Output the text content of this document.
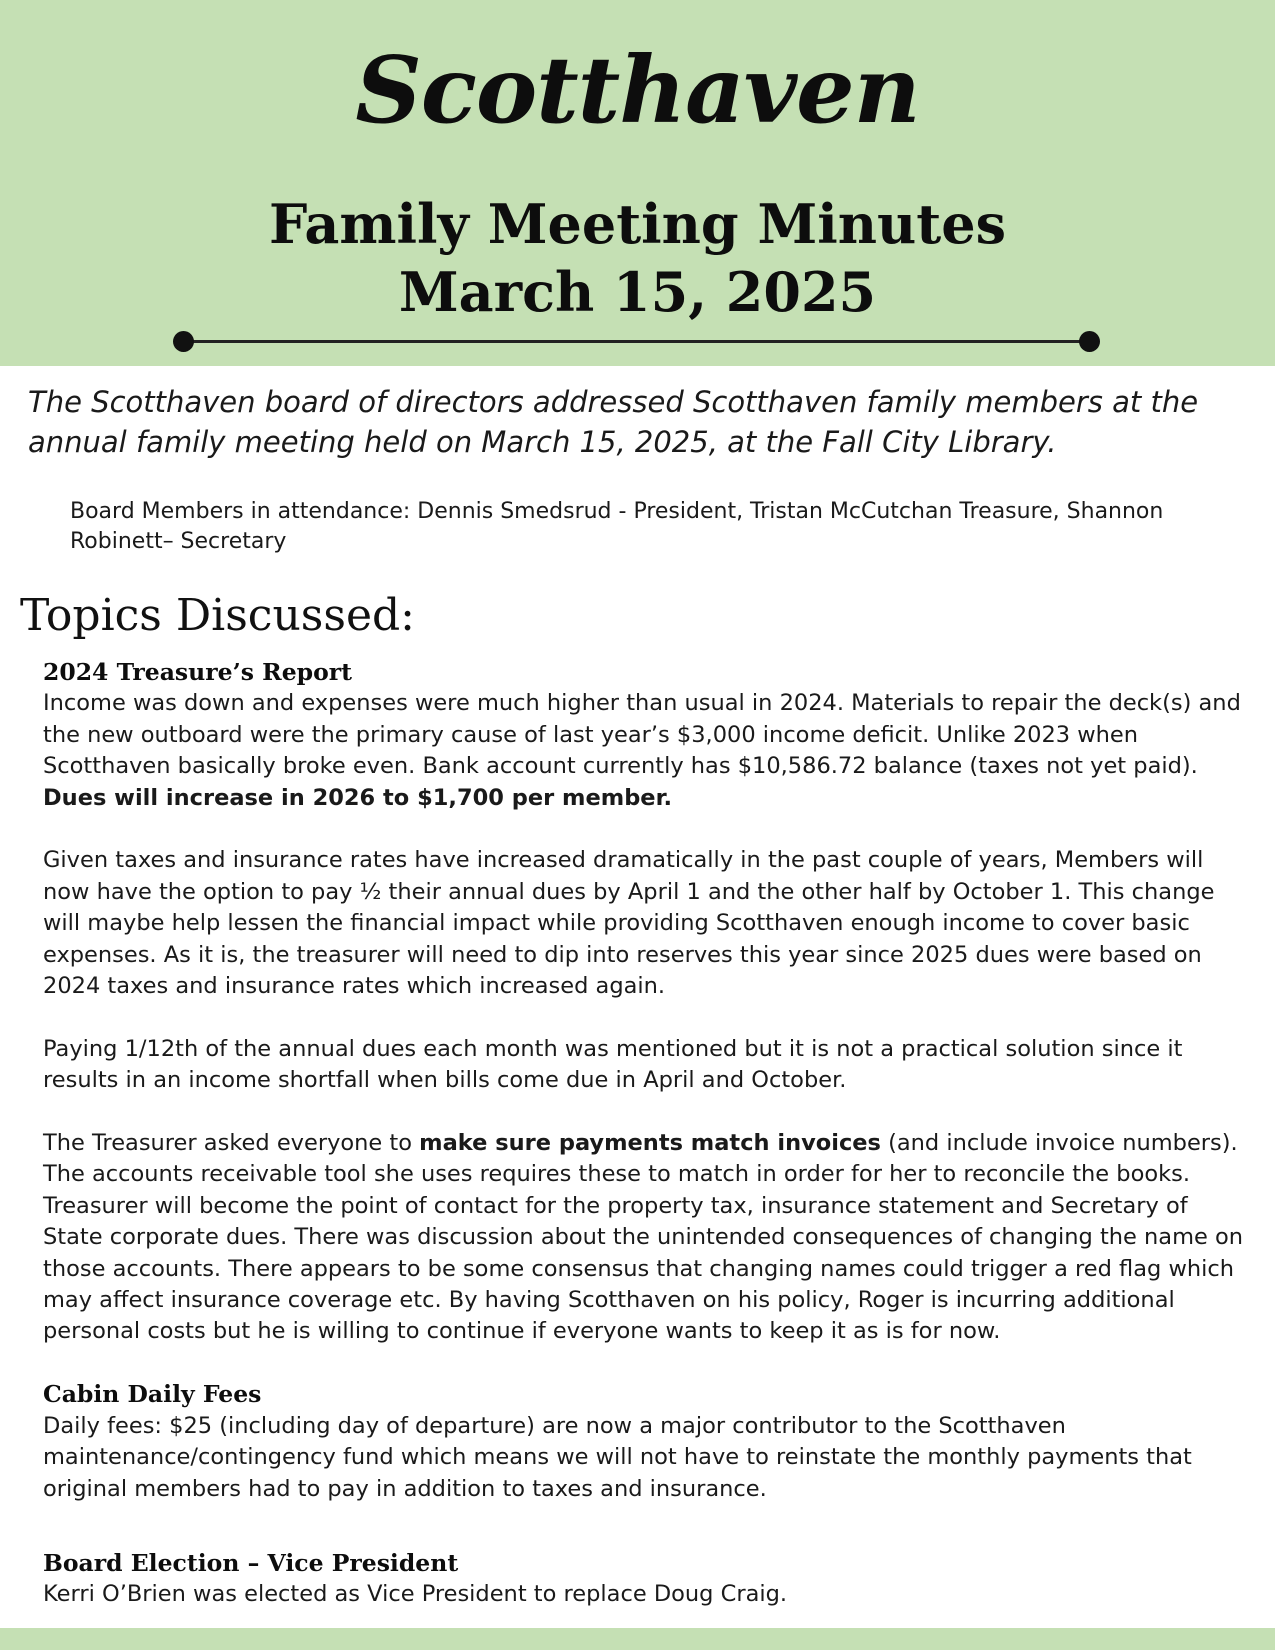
Scotthaven
Family Meeting Minutes
March 15, 2025
The Scotthaven board of directors addressed Scotthaven family members at the annual family meeting held on March 15, 2025, at the Fall City Library.
Board Members in attendance: Dennis Smedsrud - President, Tristan McCutchan Treasure, Shannon Robinett– Secretary
Topics Discussed:
2024 Treasure’s Report

Income was down and expenses were much higher than usual in 2024. Materials to repair the deck(s) and the new outboard were the primary cause of last year’s $3,000 income deficit. Unlike 2023 when Scotthaven basically broke even. Bank account currently has $10,586.72 balance (taxes not yet paid).
Dues will increase in 2026 to $1,700 per member.

Given taxes and insurance rates have increased dramatically in the past couple of years, Members will now have the option to pay ½ their annual dues by April 1 and the other half by October 1. This change will maybe help lessen the financial impact while providing Scotthaven enough income to cover basic expenses. As it is, the treasurer will need to dip into reserves this year since 2025 dues were based on 2024 taxes and insurance rates which increased again.

Paying 1/12th of the annual dues each month was mentioned but it is not a practical solution since it results in an income shortfall when bills come due in April and October.

The Treasurer asked everyone to make sure payments match invoices (and include invoice numbers). The accounts receivable tool she uses requires these to match in order for her to reconcile the books. Treasurer will become the point of contact for the property tax, insurance statement and Secretary of State corporate dues. There was discussion about the unintended consequences of changing the name on those accounts. There appears to be some consensus that changing names could trigger a red flag which may affect insurance coverage etc. By having Scotthaven on his policy, Roger is incurring additional personal costs but he is willing to continue if everyone wants to keep it as is for now.

Cabin Daily Fees

Daily fees: $25 (including day of departure) are now a major contributor to the Scotthaven maintenance/contingency fund which means we will not have to reinstate the monthly payments that original members had to pay in addition to taxes and insurance.

Board Election – Vice President

Kerri O’Brien was elected as Vice President to replace Doug Craig.
